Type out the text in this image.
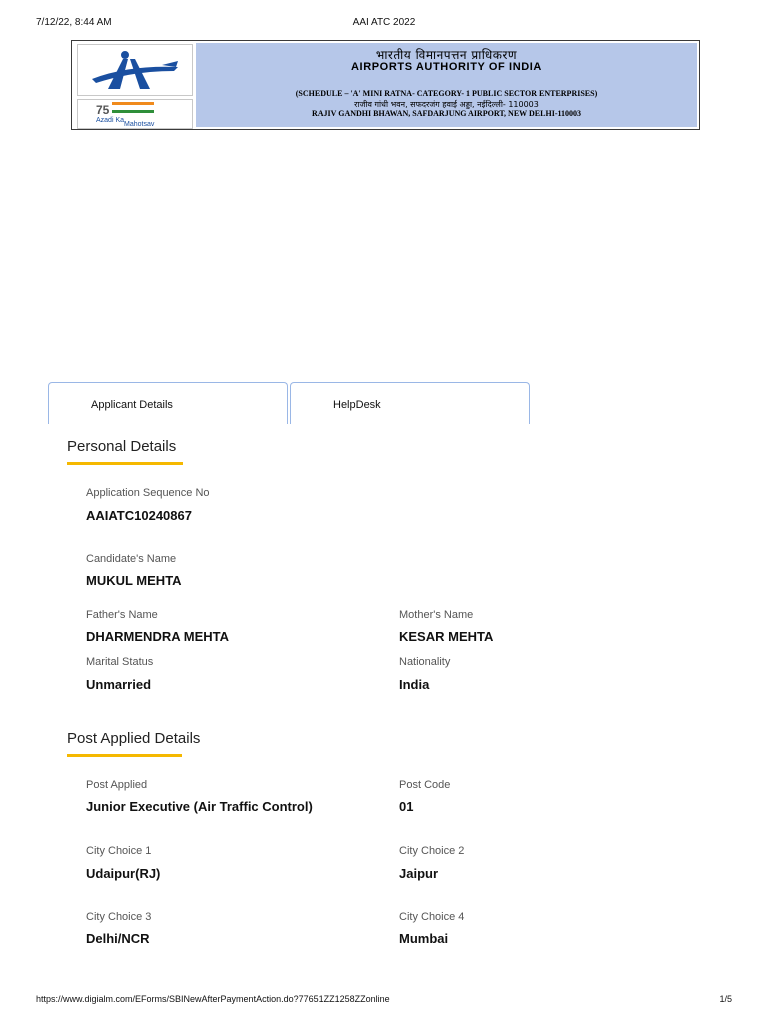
7/12/22, 8:44 AM	AAI ATC 2022
75
Azadi Ka
Mahotsav
भारतीय विमानपत्तन प्राधिकरण
AIRPORTS AUTHORITY OF INDIA
(SCHEDULE – 'A' MINI RATNA- CATEGORY- 1 PUBLIC SECTOR ENTERPRISES)
राजीव गांधी भवन, सफदरजंग हवाई अड्डा, नईदिल्ली- 110003
RAJIV GANDHI BHAWAN, SAFDARJUNG AIRPORT, NEW DELHI-110003
Applicant Details	HelpDesk
Personal Details
Application Sequence No
AAIATC10240867
Candidate's Name
MUKUL MEHTA
Father's Name
DHARMENDRA MEHTA
Mother's Name
KESAR MEHTA
Marital Status
Unmarried
Nationality
India
Post Applied Details
Post Applied
Junior Executive (Air Traffic Control)
Post Code
01
City Choice 1
Udaipur(RJ)
City Choice 2
Jaipur
City Choice 3
Delhi/NCR
City Choice 4
Mumbai
https://www.digialm.com/EForms/SBINewAfterPaymentAction.do?77651ZZ1258ZZonline	1/5
